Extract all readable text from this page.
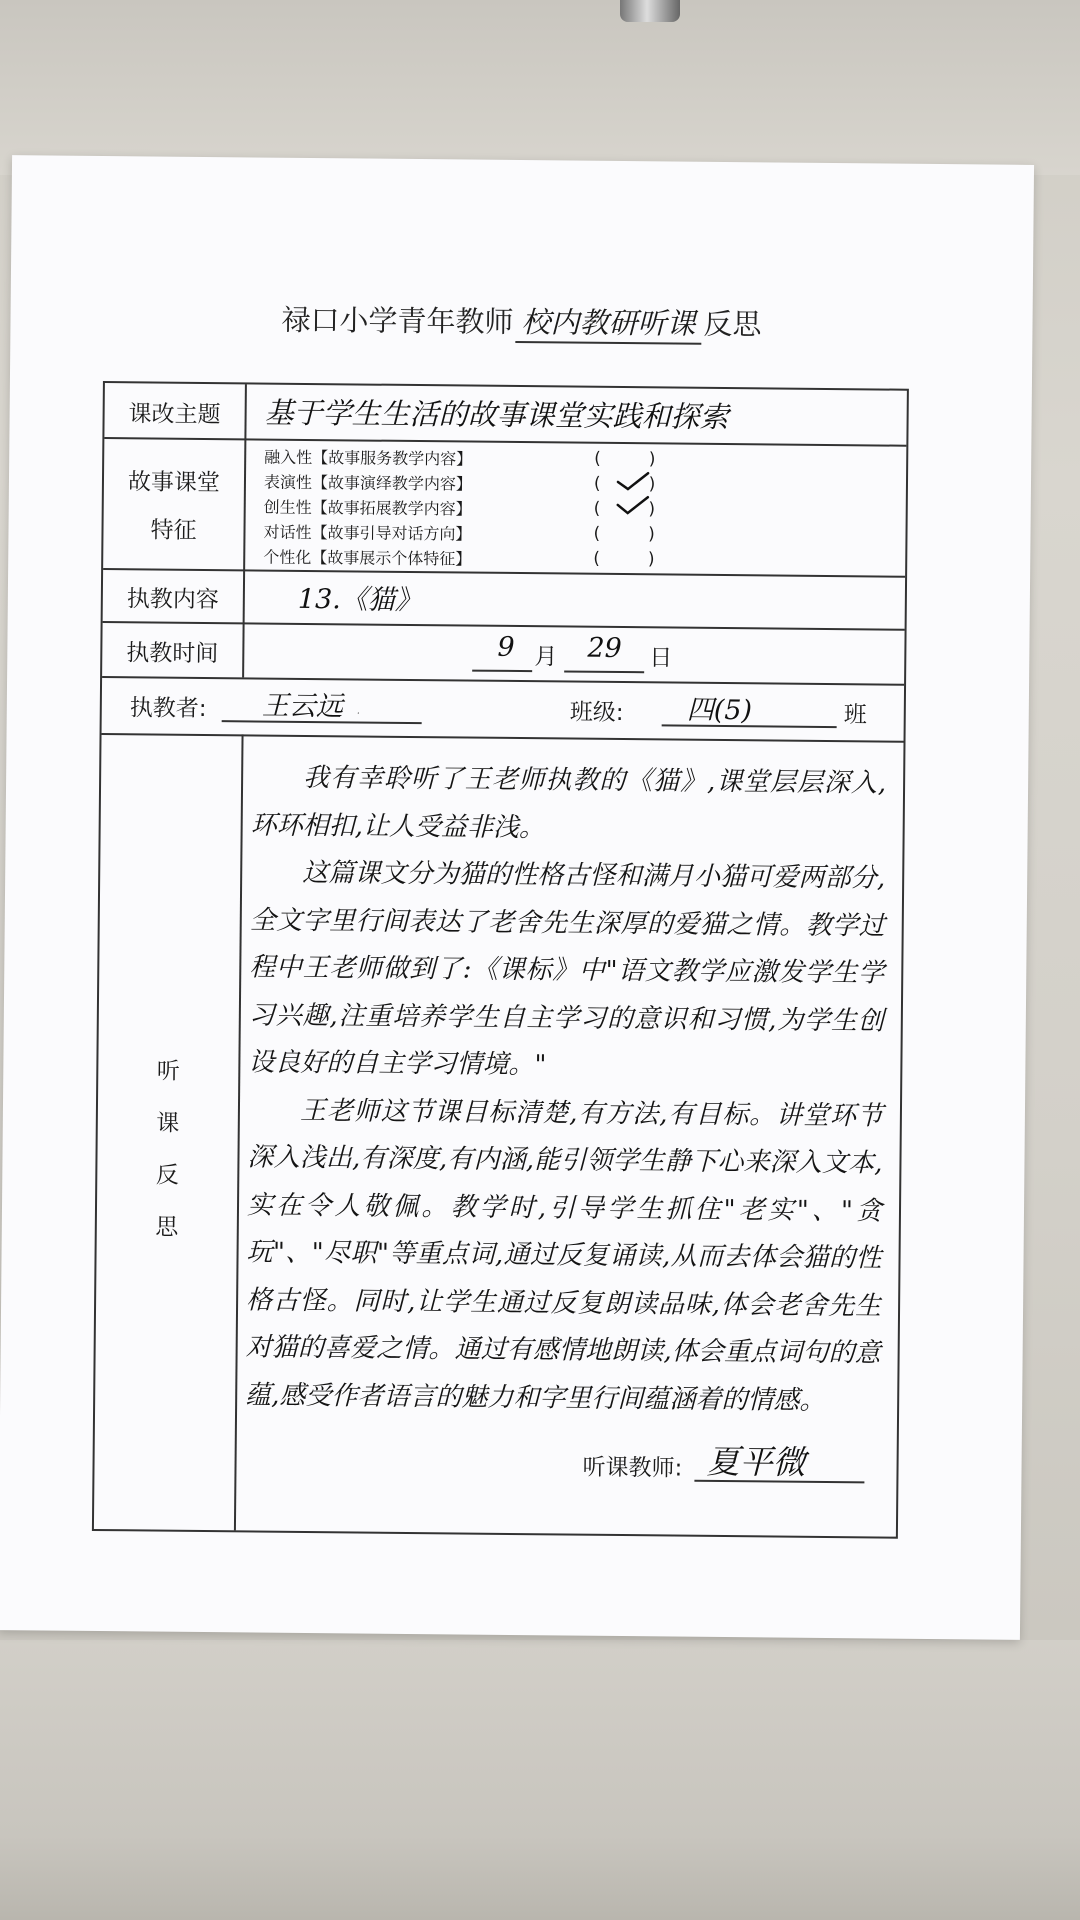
禄口小学青年教师 校内教研听课 反思
课改主题	基于学生生活的故事课堂实践和探索
故事课堂
特征
融入性【故事服务教学内容】	()
表演性【故事演绎教学内容】	()
创生性【故事拓展教学内容】	()
对话性【故事引导对话方向】	()
个性化【故事展示个体特征】	()
执教内容	13.《猫》
执教时间	9 月 29 日
执教者: 王云远	班级: 四(5)	班
听
课
反
思

我有幸聆听了王老师执教的《猫》,课堂层层深入,环环相扣,让人受益非浅。

这篇课文分为猫的性格古怪和满月小猫可爱两部分,全文字里行间表达了老舍先生深厚的爱猫之情。教学过程中王老师做到了:《课标》中"语文教学应激发学生学习兴趣,注重培养学生自主学习的意识和习惯,为学生创设良好的自主学习情境。"

王老师这节课目标清楚,有方法,有目标。讲堂环节深入浅出,有深度,有内涵,能引领学生静下心来深入文本,实在令人敬佩。教学时,引导学生抓住"老实"、"贪玩"、"尽职"等重点词,通过反复诵读,从而去体会猫的性格古怪。同时,让学生通过反复朗读品味,体会老舍先生对猫的喜爱之情。通过有感情地朗读,体会重点词句的意蕴,感受作者语言的魅力和字里行间蕴涵着的情感。

听课教师: 夏平微
·
